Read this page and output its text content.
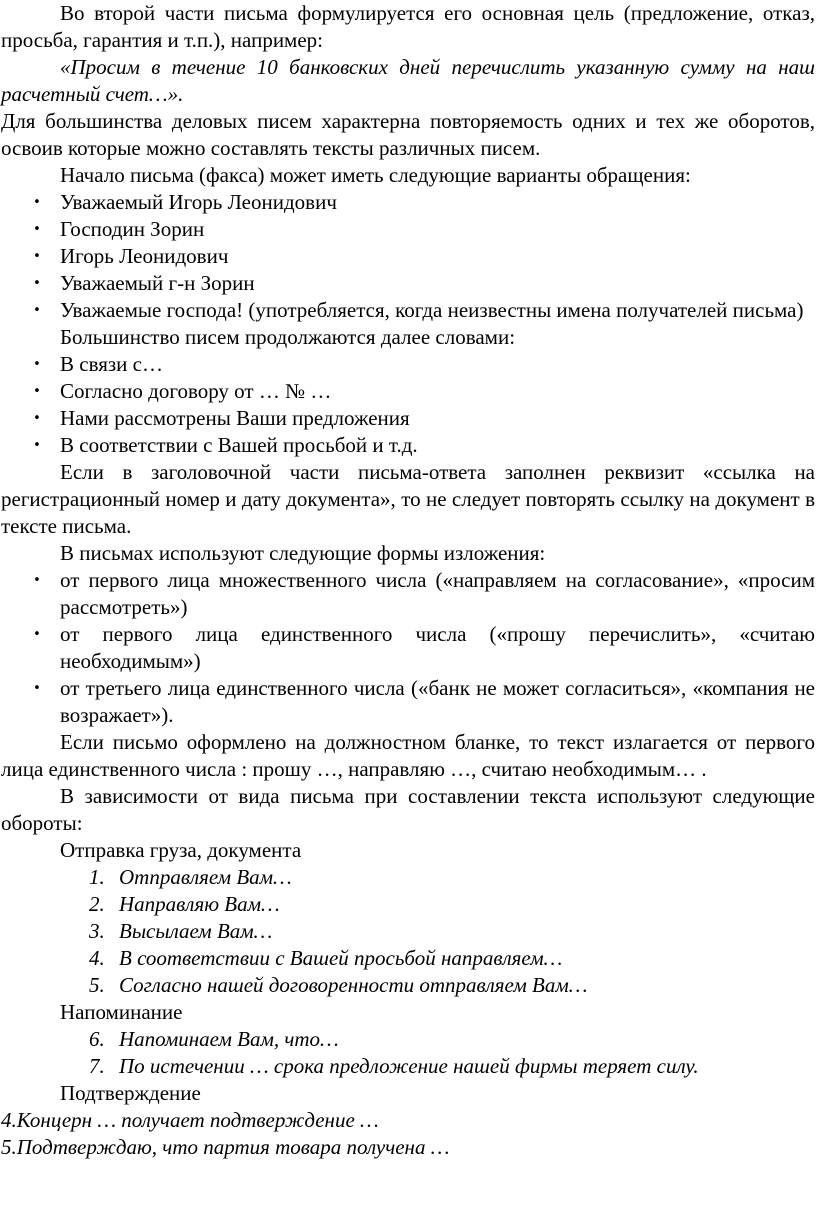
Во второй части письма формулируется его основная цель (предложение, отказ, просьба, гарантия и т.п.), например:

«Просим в течение 10 банковских дней перечислить указанную сумму на наш расчетный счет…».

Для большинства деловых писем характерна повторяемость одних и тех же оборотов, освоив которые можно составлять тексты различных писем.

Начало письма (факса) может иметь следующие варианты обращения:

• Уважаемый Игорь Леонидович
• Господин Зорин
• Игорь Леонидович
• Уважаемый г-н Зорин
• Уважаемые господа! (употребляется, когда неизвестны имена получателей письма)

Большинство писем продолжаются далее словами:

• В связи с…
• Согласно договору от … № …
• Нами рассмотрены Ваши предложения
• В соответствии с Вашей просьбой и т.д.

Если в заголовочной части письма-ответа заполнен реквизит «ссылка на регистрационный номер и дату документа», то не следует повторять ссылку на документ в тексте письма.

В письмах используют следующие формы изложения:

• от первого лица множественного числа («направляем на согласование», «просим рассмотреть»)
• от первого лица единственного числа («прошу перечислить», «считаю необходимым»)
• от третьего лица единственного числа («банк не может согласиться», «компания не возражает»).

Если письмо оформлено на должностном бланке, то текст излагается от первого лица единственного числа : прошу …, направляю …, считаю необходимым… .

В зависимости от вида письма при составлении текста используют следующие обороты:

Отправка груза, документа

1. Отправляем Вам…
2. Направляю Вам…
3. Высылаем Вам…
4. В соответствии с Вашей просьбой направляем…
5. Согласно нашей договоренности отправляем Вам…

Напоминание

6. Напоминаем Вам, что…
7. По истечении … срока предложение нашей фирмы теряет силу.

Подтверждение

4.Концерн … получает подтверждение …

5.Подтверждаю, что партия товара получена …
